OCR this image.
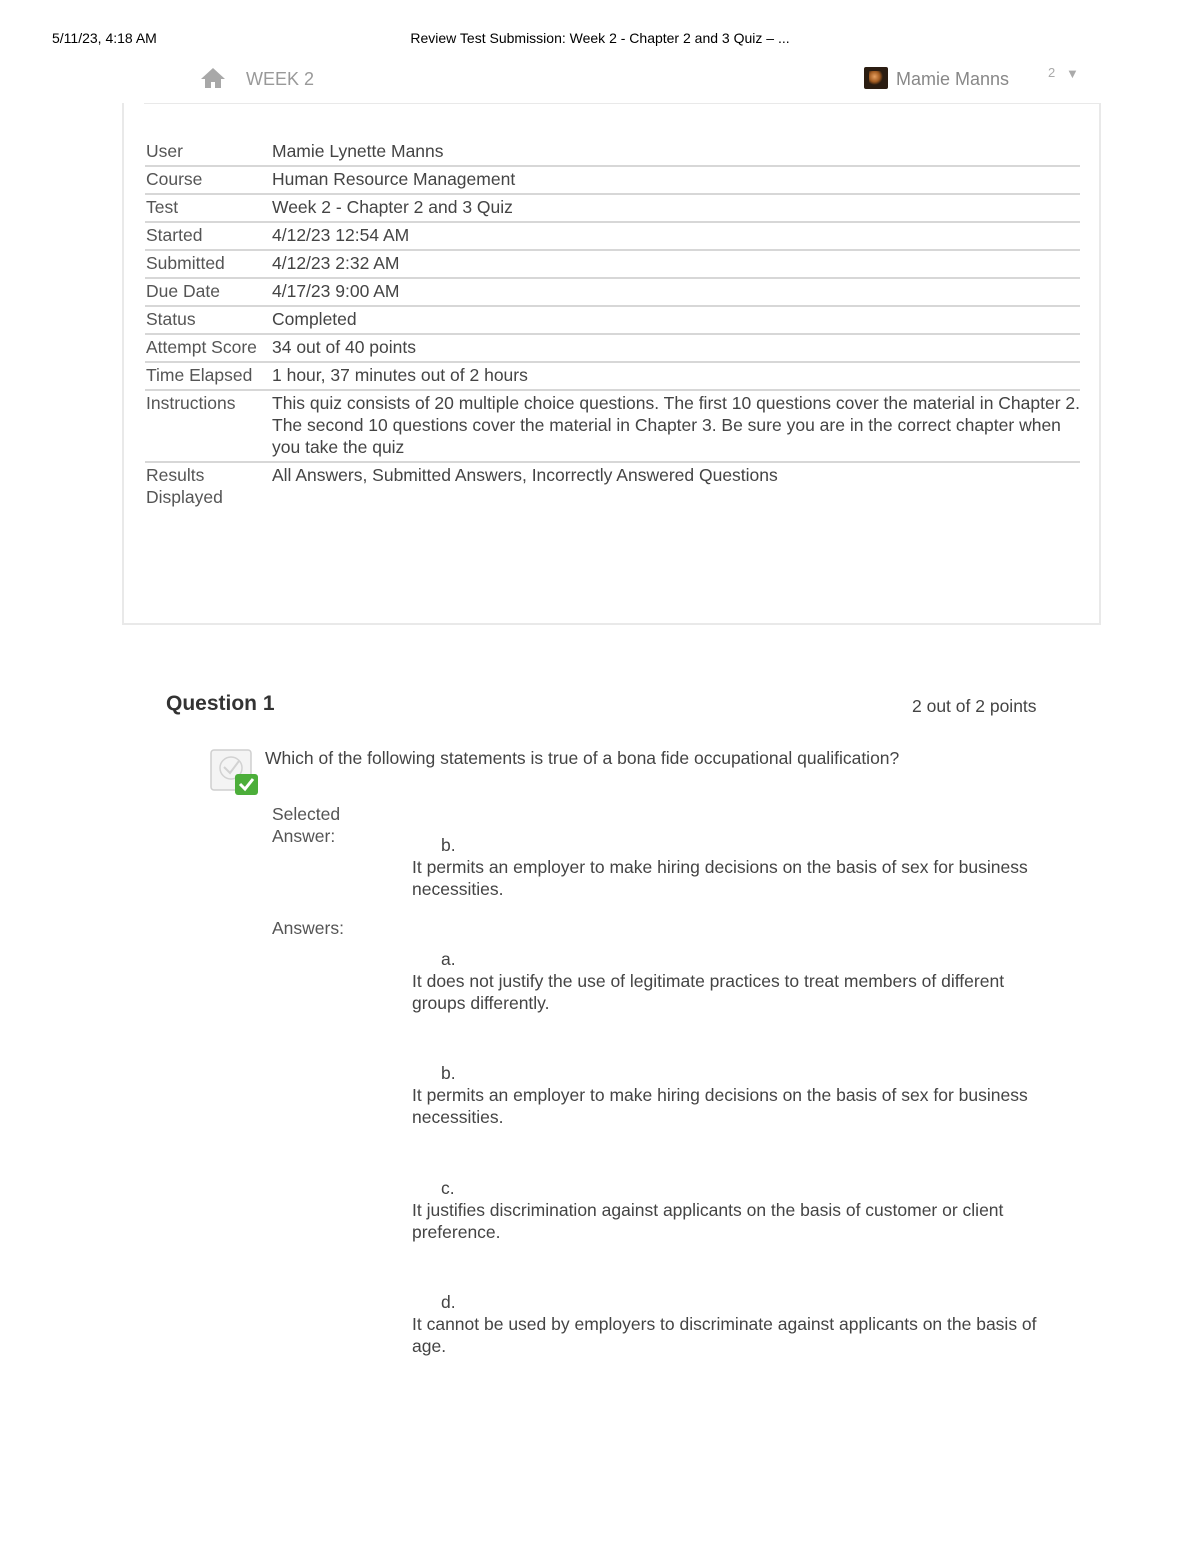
5/11/23, 4:18 AM	Review Test Submission: Week 2 - Chapter 2 and 3 Quiz – ...
WEEK 2	Mamie Manns	2 ▼
User	Mamie Lynette Manns
Course	Human Resource Management
Test	Week 2 - Chapter 2 and 3 Quiz
Started	4/12/23 12:54 AM
Submitted	4/12/23 2:32 AM
Due Date	4/17/23 9:00 AM
Status	Completed
Attempt Score	34 out of 40 points
Time Elapsed	1 hour, 37 minutes out of 2 hours
Instructions	This quiz consists of 20 multiple choice questions. The first 10 questions cover the material in Chapter 2. The second 10 questions cover the material in Chapter 3. Be sure you are in the correct chapter when you take the quiz
Results Displayed	All Answers, Submitted Answers, Incorrectly Answered Questions
Question 1	2 out of 2 points
Which of the following statements is true of a bona fide occupational qualification?
Selected Answer:	b.
It permits an employer to make hiring decisions on the basis of sex for business necessities.
Answers:
a.
It does not justify the use of legitimate practices to treat members of different groups differently.
b.
It permits an employer to make hiring decisions on the basis of sex for business necessities.
c.
It justifies discrimination against applicants on the basis of customer or client preference.
d.
It cannot be used by employers to discriminate against applicants on the basis of age.
